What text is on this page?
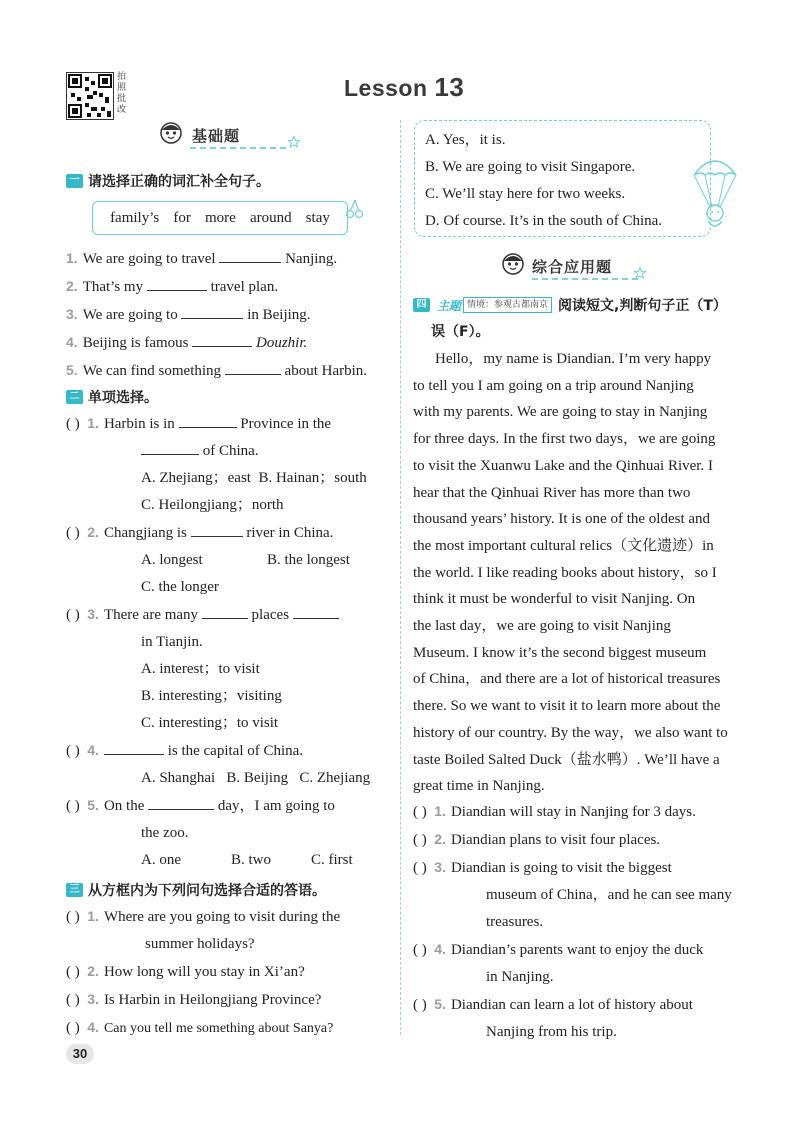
拍照批改
Lesson 13
基础题
一 请选择正确的词汇补全句子。
family’s for more around stay
1. We are going to travel	Nanjing.
2. That’s my	travel plan.
3. We are going to	in Beijing.
4. Beijing is famous	Douzhir.
5. We can find something	about Harbin.
二 单项选择。
( ) 1. Harbin is in	Province in the
of China.
A. Zhejiang；east B. Hainan；south
C. Heilongjiang；north
( ) 2. Changjiang is	river in China.
A. longest	B. the longest
C. the longer
( ) 3. There are many	places
in Tianjin.
A. interest；to visit
B. interesting；visiting
C. interesting；to visit
( ) 4.	is the capital of China.
A. Shanghai B. Beijing C. Zhejiang
( ) 5. On the	day，I am going to
the zoo.
A. one	B. two	C. first
三 从方框内为下列问句选择合适的答语。
( ) 1. Where are you going to visit during the
summer holidays?
( ) 2. How long will you stay in Xi’an?
( ) 3. Is Harbin in Heilongjiang Province?
( ) 4. Can you tell me something about Sanya?
A. Yes，it is.
B. We are going to visit Singapore.
C. We’ll stay here for two weeks.
D. Of course. It’s in the south of China.
综合应用题
四 主题 情境：参观古都南京 阅读短文,判断句子正（T）
误（F）。
Hello，my name is Diandian. I’m very happy
to tell you I am going on a trip around Nanjing
with my parents. We are going to stay in Nanjing
for three days. In the first two days，we are going
to visit the Xuanwu Lake and the Qinhuai River. I
hear that the Qinhuai River has more than two
thousand years’ history. It is one of the oldest and
the most important cultural relics（文化遗迹）in
the world. I like reading books about history，so I
think it must be wonderful to visit Nanjing. On
the last day，we are going to visit Nanjing
Museum. I know it’s the second biggest museum
of China，and there are a lot of historical treasures
there. So we want to visit it to learn more about the
history of our country. By the way，we also want to
taste Boiled Salted Duck（盐水鸭）. We’ll have a
great time in Nanjing.
( ) 1. Diandian will stay in Nanjing for 3 days.
( ) 2. Diandian plans to visit four places.
( ) 3. Diandian is going to visit the biggest
museum of China，and he can see many
treasures.
( ) 4. Diandian’s parents want to enjoy the duck
in Nanjing.
( ) 5. Diandian can learn a lot of history about
Nanjing from his trip.
30
